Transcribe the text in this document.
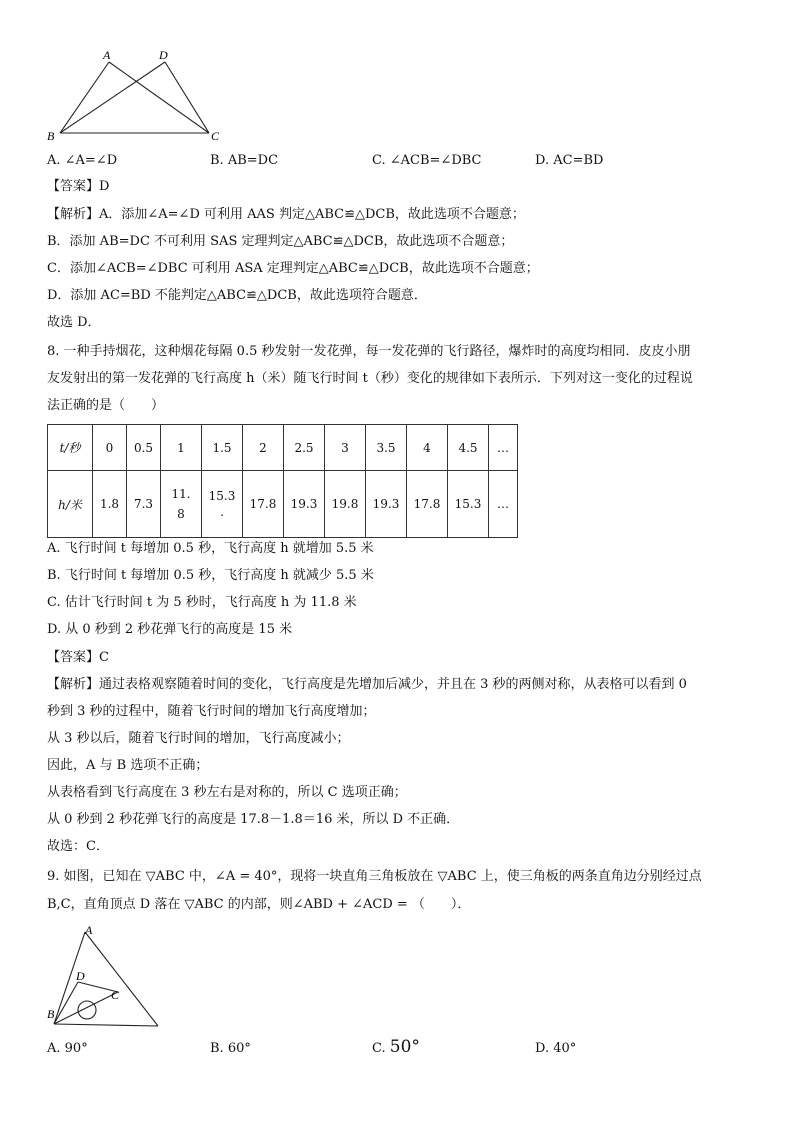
A	D
B	C
A. ∠A=∠D	B. AB=DC	C. ∠ACB=∠DBC	D. AC=BD
【答案】D
【解析】A．添加∠A=∠D 可利用 AAS 判定△ABC≌△DCB，故此选项不合题意；
B．添加 AB=DC 不可利用 SAS 定理判定△ABC≌△DCB，故此选项不合题意；
C．添加∠ACB=∠DBC 可利用 ASA 定理判定△ABC≌△DCB，故此选项不合题意；
D．添加 AC=BD 不能判定△ABC≌△DCB，故此选项符合题意．
故选 D．
8. 一种手持烟花，这种烟花每隔 0.5 秒发射一发花弹，每一发花弹的飞行路径，爆炸时的高度均相同．皮皮小朋
友发射出的第一发花弹的飞行高度 h（米）随飞行时间 t（秒）变化的规律如下表所示．下列对这一变化的过程说
法正确的是（　　）
t/秒	0	0.5	1	1.5	2	2.5	3	3.5	4	4.5	…
h/米	1.8	7.3	11.
8	15.3
.	17.8	19.3	19.8	19.3	17.8	15.3	…
A. 飞行时间 t 每增加 0.5 秒，飞行高度 h 就增加 5.5 米
B. 飞行时间 t 每增加 0.5 秒，飞行高度 h 就减少 5.5 米
C. 估计飞行时间 t 为 5 秒时，飞行高度 h 为 11.8 米
D. 从 0 秒到 2 秒花弹飞行的高度是 15 米
【答案】C
【解析】通过表格观察随着时间的变化，飞行高度是先增加后减少，并且在 3 秒的两侧对称，从表格可以看到 0
秒到 3 秒的过程中，随着飞行时间的增加飞行高度增加；
从 3 秒以后，随着飞行时间的增加，飞行高度减小；
因此，A 与 B 选项不正确；
从表格看到飞行高度在 3 秒左右是对称的，所以 C 选项正确；
从 0 秒到 2 秒花弹飞行的高度是 17.8－1.8＝16 米，所以 D 不正确．
故选：C．
9. 如图，已知在 ▽ABC 中，∠A = 40°，现将一块直角三角板放在 ▽ABC 上，使三角板的两条直角边分别经过点
B,C，直角顶点 D 落在 ▽ABC 的内部，则∠ABD + ∠ACD = （　　）．
A
D
C
B
A. 90°	B. 60°	C. 50°	D. 40°
